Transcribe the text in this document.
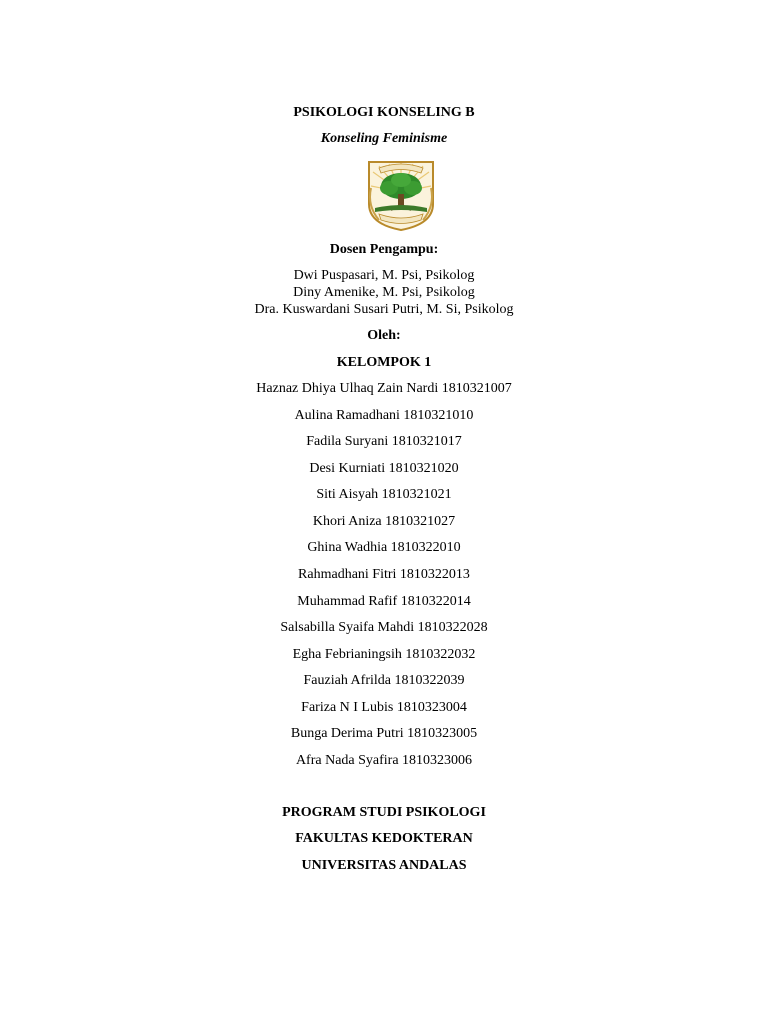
PSIKOLOGI KONSELING B
Konseling Feminisme
Dosen Pengampu:
Dwi Puspasari, M. Psi, Psikolog
Diny Amenike, M. Psi, Psikolog
Dra. Kuswardani Susari Putri, M. Si, Psikolog
Oleh:
KELOMPOK 1
Haznaz Dhiya Ulhaq Zain Nardi 1810321007
Aulina Ramadhani 1810321010
Fadila Suryani 1810321017
Desi Kurniati 1810321020
Siti Aisyah 1810321021
Khori Aniza 1810321027
Ghina Wadhia 1810322010
Rahmadhani Fitri 1810322013
Muhammad Rafif 1810322014
Salsabilla Syaifa Mahdi 1810322028
Egha Febrianingsih 1810322032
Fauziah Afrilda 1810322039
Fariza N I Lubis 1810323004
Bunga Derima Putri 1810323005
Afra Nada Syafira 1810323006
PROGRAM STUDI PSIKOLOGI
FAKULTAS KEDOKTERAN
UNIVERSITAS ANDALAS
